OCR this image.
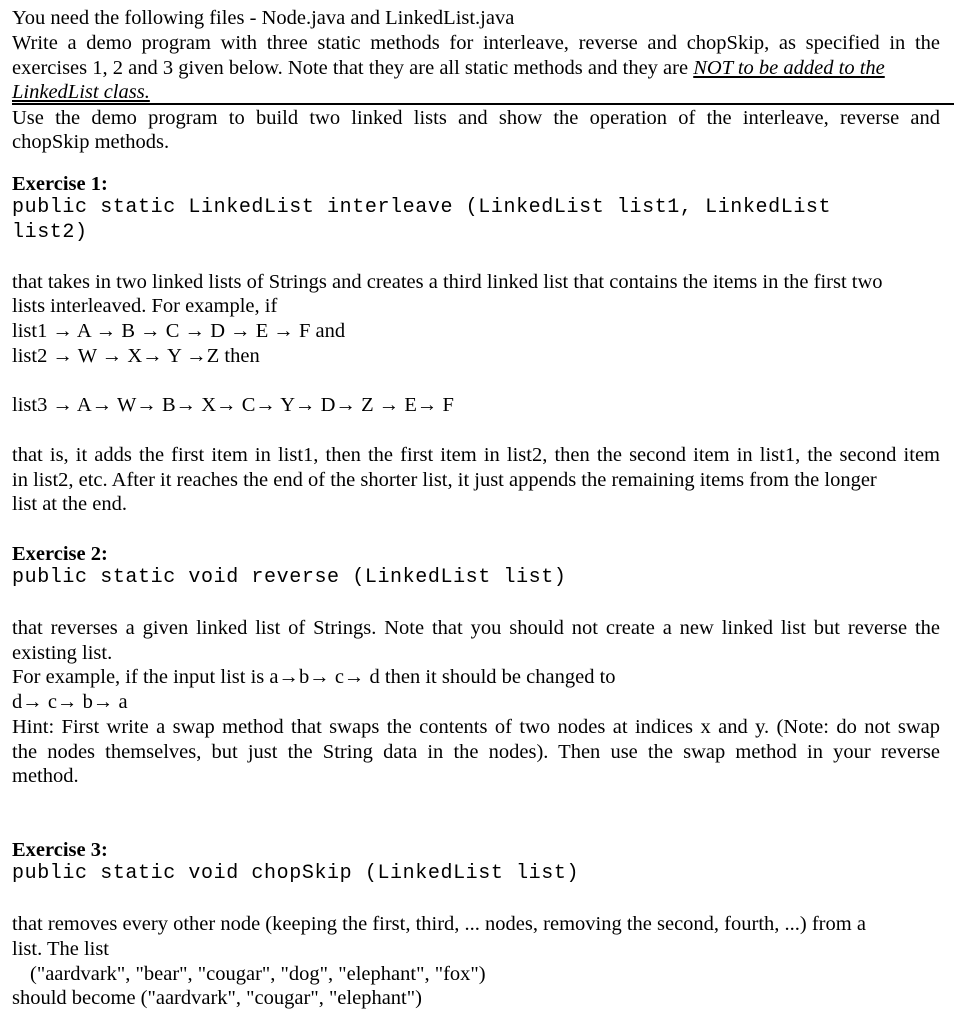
You need the following files - Node.java and LinkedList.java
Write a demo program with three static methods for interleave, reverse and chopSkip, as specified in the
exercises 1, 2 and 3 given below. Note that they are all static methods and they are NOT to be added to the
LinkedList class.
Use the demo program to build two linked lists and show the operation of the interleave, reverse and
chopSkip methods.
Exercise 1:
public static LinkedList interleave (LinkedList list1, LinkedList
list2)
that takes in two linked lists of Strings and creates a third linked list that contains the items in the first two
lists interleaved. For example, if
list1 → A → B → C → D → E → F and
list2 → W → X→ Y →Z then
list3 → A→ W→ B→ X→ C→ Y→ D→ Z → E→ F
that is, it adds the first item in list1, then the first item in list2, then the second item in list1, the second item
in list2, etc. After it reaches the end of the shorter list, it just appends the remaining items from the longer
list at the end.
Exercise 2:
public static void reverse (LinkedList list)
that reverses a given linked list of Strings. Note that you should not create a new linked list but reverse the
existing list.
For example, if the input list is a→b→ c→ d then it should be changed to
d→ c→ b→ a
Hint: First write a swap method that swaps the contents of two nodes at indices x and y. (Note: do not swap
the nodes themselves, but just the String data in the nodes). Then use the swap method in your reverse
method.
Exercise 3:
public static void chopSkip (LinkedList list)
that removes every other node (keeping the first, third, ... nodes, removing the second, fourth, ...) from a
list. The list
("aardvark", "bear", "cougar", "dog", "elephant", "fox")
should become ("aardvark", "cougar", "elephant")
